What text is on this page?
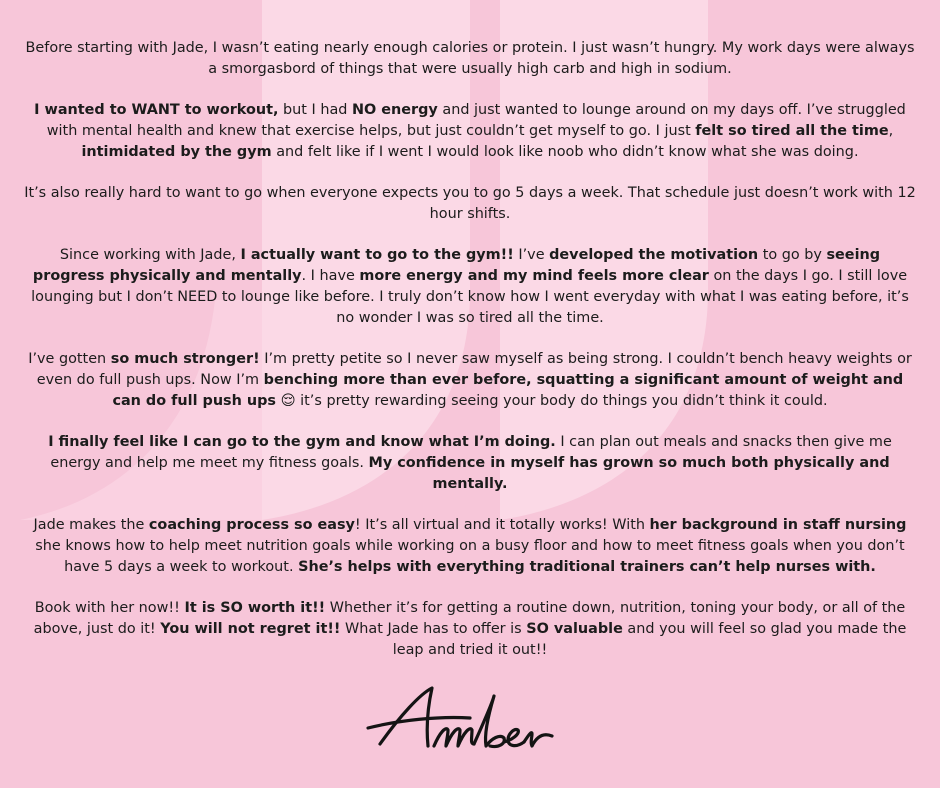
Before starting with Jade, I wasn’t eating nearly enough calories or protein. I just wasn’t hungry. My work days were always a smorgasbord of things that were usually high carb and high in sodium.

I wanted to WANT to workout, but I had NO energy and just wanted to lounge around on my days off. I’ve struggled with mental health and knew that exercise helps, but just couldn’t get myself to go. I just felt so tired all the time, intimidated by the gym and felt like if I went I would look like noob who didn’t know what she was doing.

It’s also really hard to want to go when everyone expects you to go 5 days a week. That schedule just doesn’t work with 12 hour shifts.

Since working with Jade, I actually want to go to the gym!! I’ve developed the motivation to go by seeing progress physically and mentally. I have more energy and my mind feels more clear on the days I go. I still love lounging but I don’t NEED to lounge like before. I truly don’t know how I went everyday with what I was eating before, it’s no wonder I was so tired all the time.

I’ve gotten so much stronger! I’m pretty petite so I never saw myself as being strong. I couldn’t bench heavy weights or even do full push ups. Now I’m benching more than ever before, squatting a significant amount of weight and can do full push ups 😌 it’s pretty rewarding seeing your body do things you didn’t think it could.

I finally feel like I can go to the gym and know what I’m doing. I can plan out meals and snacks then give me energy and help me meet my fitness goals. My confidence in myself has grown so much both physically and mentally.

Jade makes the coaching process so easy! It’s all virtual and it totally works! With her background in staff nursing she knows how to help meet nutrition goals while working on a busy floor and how to meet fitness goals when you don’t have 5 days a week to workout. She’s helps with everything traditional trainers can’t help nurses with.

Book with her now!! It is SO worth it!! Whether it’s for getting a routine down, nutrition, toning your body, or all of the above, just do it! You will not regret it!! What Jade has to offer is SO valuable and you will feel so glad you made the leap and tried it out!!
